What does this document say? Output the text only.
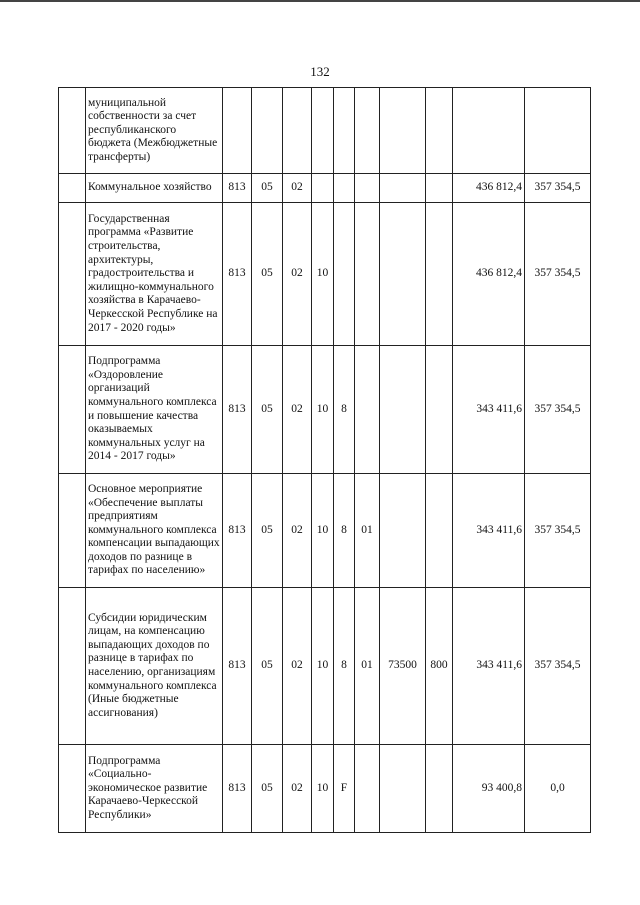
132
	муниципальной собственности за счет республиканского бюджета (Межбюджетные трансферты)										
	Коммунальное хозяйство	813	05	02						436 812,4	357 354,5
	Государственная программа «Развитие строительства, архитектуры, градостроительства и жилищно-коммунального хозяйства в Карачаево-Черкесской Республике на 2017 - 2020 годы»	813	05	02	10					436 812,4	357 354,5
	Подпрограмма «Оздоровление организаций коммунального комплекса и повышение качества оказываемых коммунальных услуг на 2014 - 2017 годы»	813	05	02	10	8				343 411,6	357 354,5
	Основное мероприятие «Обеспечение выплаты предприятиям коммунального комплекса компенсации выпадающих доходов по разнице в тарифах по населению»	813	05	02	10	8	01			343 411,6	357 354,5
	Субсидии юридическим лицам, на компенсацию выпадающих доходов по разнице в тарифах по населению, организациям коммунального комплекса (Иные бюджетные ассигнования)	813	05	02	10	8	01	73500	800	343 411,6	357 354,5
	Подпрограмма «Социально-экономическое развитие Карачаево-Черкесской Республики»	813	05	02	10	F				93 400,8	0,0
